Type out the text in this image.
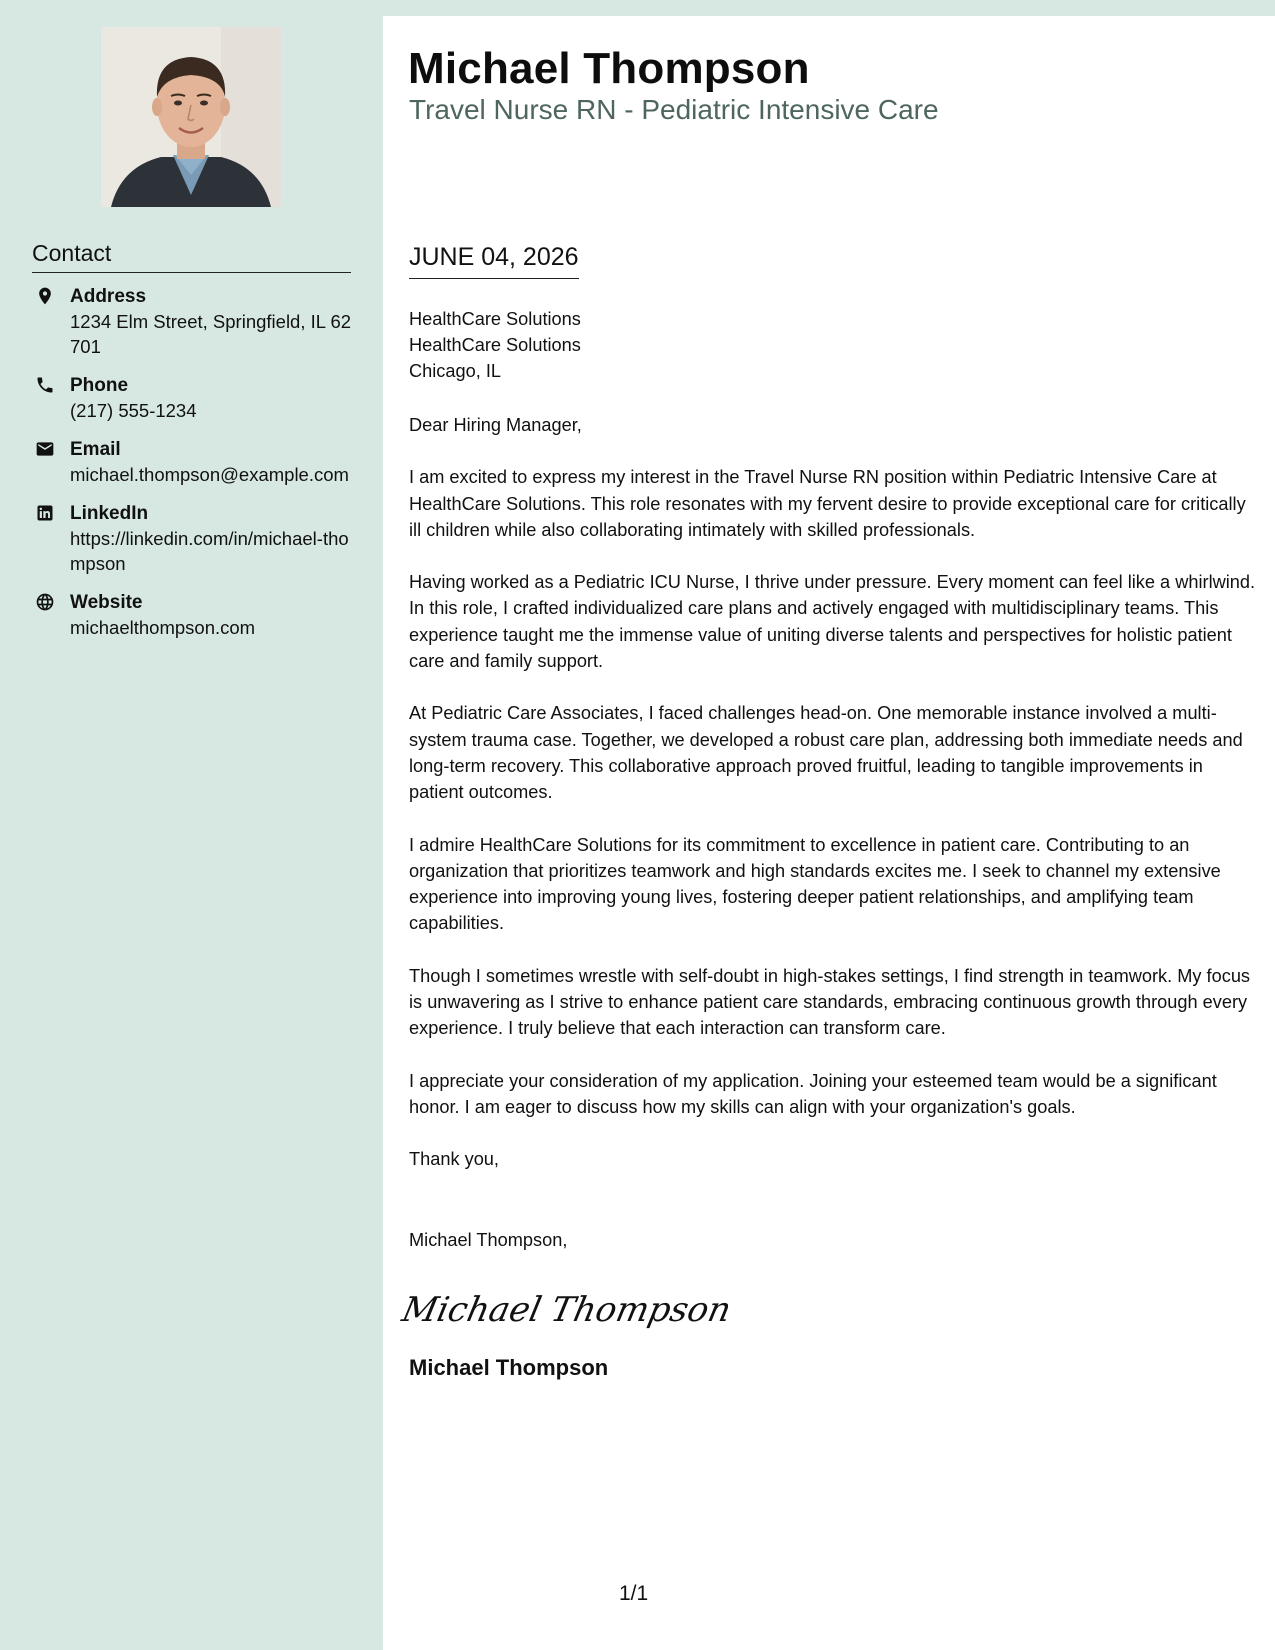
Contact
Address
1234 Elm Street, Springfield, IL 62701
Phone
(217) 555-1234
Email
michael.thompson@example.com
LinkedIn
https://linkedin.com/in/michael-thompson
Website
michaelthompson.com
Michael Thompson
Travel Nurse RN - Pediatric Intensive Care
JUNE 04, 2026
HealthCare Solutions
HealthCare Solutions
Chicago, IL

Dear Hiring Manager,

I am excited to express my interest in the Travel Nurse RN position within Pediatric Intensive Care at HealthCare Solutions. This role resonates with my fervent desire to provide exceptional care for critically ill children while also collaborating intimately with skilled professionals.

Having worked as a Pediatric ICU Nurse, I thrive under pressure. Every moment can feel like a whirlwind. In this role, I crafted individualized care plans and actively engaged with multidisciplinary teams. This experience taught me the immense value of uniting diverse talents and perspectives for holistic patient care and family support.

At Pediatric Care Associates, I faced challenges head-on. One memorable instance involved a multi-system trauma case. Together, we developed a robust care plan, addressing both immediate needs and long-term recovery. This collaborative approach proved fruitful, leading to tangible improvements in patient outcomes.

I admire HealthCare Solutions for its commitment to excellence in patient care. Contributing to an organization that prioritizes teamwork and high standards excites me. I seek to channel my extensive experience into improving young lives, fostering deeper patient relationships, and amplifying team capabilities.

Though I sometimes wrestle with self-doubt in high-stakes settings, I find strength in teamwork. My focus is unwavering as I strive to enhance patient care standards, embracing continuous growth through every experience. I truly believe that each interaction can transform care.

I appreciate your consideration of my application. Joining your esteemed team would be a significant honor. I am eager to discuss how my skills can align with your organization's goals.

Thank you,

Michael Thompson,

Michael Thompson
Michael Thompson
1/1
